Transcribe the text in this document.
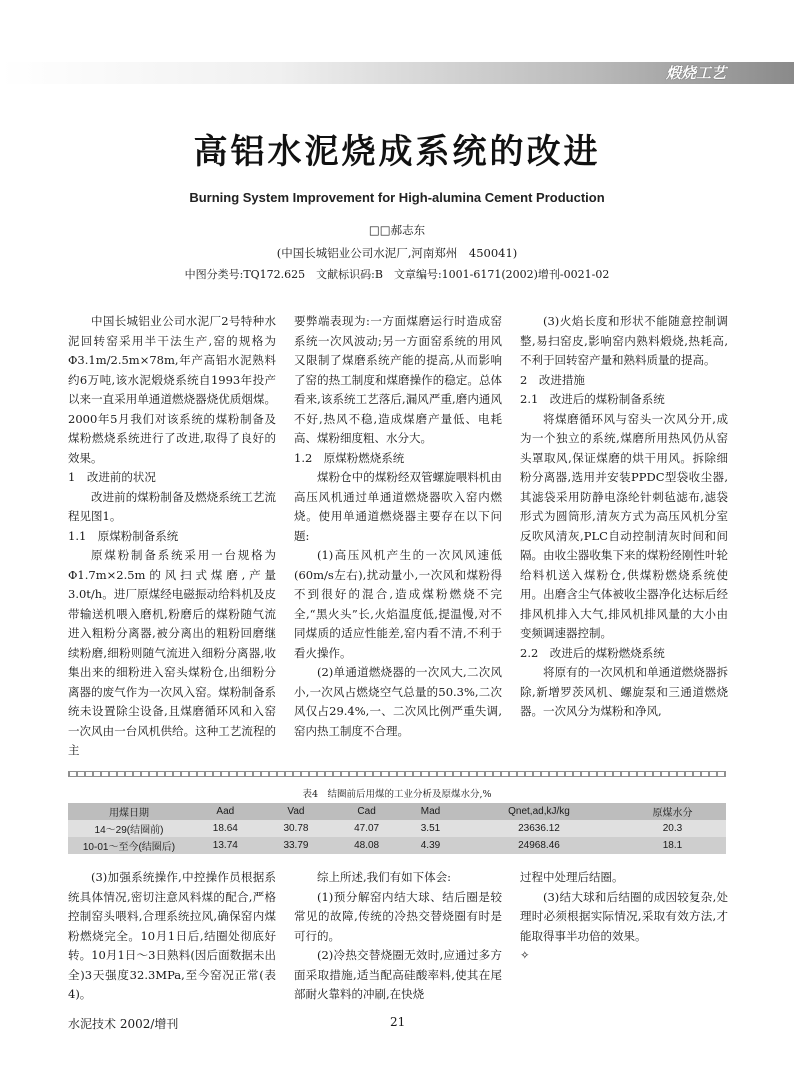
煅烧工艺
高铝水泥烧成系统的改进
Burning System Improvement for High-alumina Cement Production
□□郝志东
(中国长城铝业公司水泥厂,河南郑州　450041)
中图分类号:TQ172.625　文献标识码:B　文章编号:1001-6171(2002)增刊-0021-02

中国长城铝业公司水泥厂2号特种水泥回转窑采用半干法生产,窑的规格为Φ3.1m/2.5m×78m,年产高铝水泥熟料约6万吨,该水泥煅烧系统自1993年投产以来一直采用单通道燃烧器烧优质烟煤。2000年5月我们对该系统的煤粉制备及煤粉燃烧系统进行了改进,取得了良好的效果。

1　改进前的状况

改进前的煤粉制备及燃烧系统工艺流程见图1。

1.1　原煤粉制备系统

原煤粉制备系统采用一台规格为Φ1.7m×2.5m的风扫式煤磨,产量3.0t/h。进厂原煤经电磁振动给料机及皮带输送机喂入磨机,粉磨后的煤粉随气流进入粗粉分离器,被分离出的粗粉回磨继续粉磨,细粉则随气流进入细粉分离器,收集出来的细粉进入窑头煤粉仓,出细粉分离器的废气作为一次风入窑。煤粉制备系统未设置除尘设备,且煤磨循环风和入窑一次风由一台风机供给。这种工艺流程的主

要弊端表现为:一方面煤磨运行时造成窑系统一次风波动;另一方面窑系统的用风又限制了煤磨系统产能的提高,从而影响了窑的热工制度和煤磨操作的稳定。总体看来,该系统工艺落后,漏风严重,磨内通风不好,热风不稳,造成煤磨产量低、电耗高、煤粉细度粗、水分大。

1.2　原煤粉燃烧系统

煤粉仓中的煤粉经双管螺旋喂料机由高压风机通过单通道燃烧器吹入窑内燃烧。使用单通道燃烧器主要存在以下问题:

(1)高压风机产生的一次风风速低(60m/s左右),扰动量小,一次风和煤粉得不到很好的混合,造成煤粉燃烧不完全,“黑火头”长,火焰温度低,提温慢,对不同煤质的适应性能差,窑内看不清,不利于看火操作。

(2)单通道燃烧器的一次风大,二次风小,一次风占燃烧空气总量的50.3%,二次风仅占29.4%,一、二次风比例严重失调,窑内热工制度不合理。

(3)火焰长度和形状不能随意控制调整,易扫窑皮,影响窑内熟料煅烧,热耗高,不利于回转窑产量和熟料质量的提高。

2　改进措施

2.1　改进后的煤粉制备系统

将煤磨循环风与窑头一次风分开,成为一个独立的系统,煤磨所用热风仍从窑头罩取风,保证煤磨的烘干用风。拆除细粉分离器,选用并安装PPDC型袋收尘器,其滤袋采用防静电涤纶针刺毡滤布,滤袋形式为圆筒形,清灰方式为高压风机分室反吹风清灰,PLC自动控制清灰时间和间隔。由收尘器收集下来的煤粉经刚性叶轮给料机送入煤粉仓,供煤粉燃烧系统使用。出磨含尘气体被收尘器净化达标后经排风机排入大气,排风机排风量的大小由变频调速器控制。

2.2　改进后的煤粉燃烧系统

将原有的一次风机和单通道燃烧器拆除,新增罗茨风机、螺旋泵和三通道燃烧器。一次风分为煤粉和净风,

表4　结圈前后用煤的工业分析及原煤水分,%
用煤日期	Aad	Vad	Cad	Mad	Qnet,ad,kJ/kg	原煤水分
14～29(结圈前)	18.64	30.78	47.07	3.51	23636.12	20.3
10-01～至今(结圈后)	13.74	33.79	48.08	4.39	24968.46	18.1

(3)加强系统操作,中控操作员根据系统具体情况,密切注意风料煤的配合,严格控制窑头喂料,合理系统拉风,确保窑内煤粉燃烧完全。10月1日后,结圈处彻底好转。10月1日～3日熟料(因后面数据未出全)3天强度32.3MPa,至今窑况正常(表4)。

综上所述,我们有如下体会:

(1)预分解窑内结大球、结后圈是较常见的故障,传统的冷热交替烧圈有时是可行的。

(2)冷热交替烧圈无效时,应通过多方面采取措施,适当配高硅酸率料,使其在尾部耐火靠料的冲刷,在快烧

过程中处理后结圈。

(3)结大球和后结圈的成因较复杂,处理时必须根据实际情况,采取有效方法,才能取得事半功倍的效果。

✧

水泥技术 2002/增刊	21
